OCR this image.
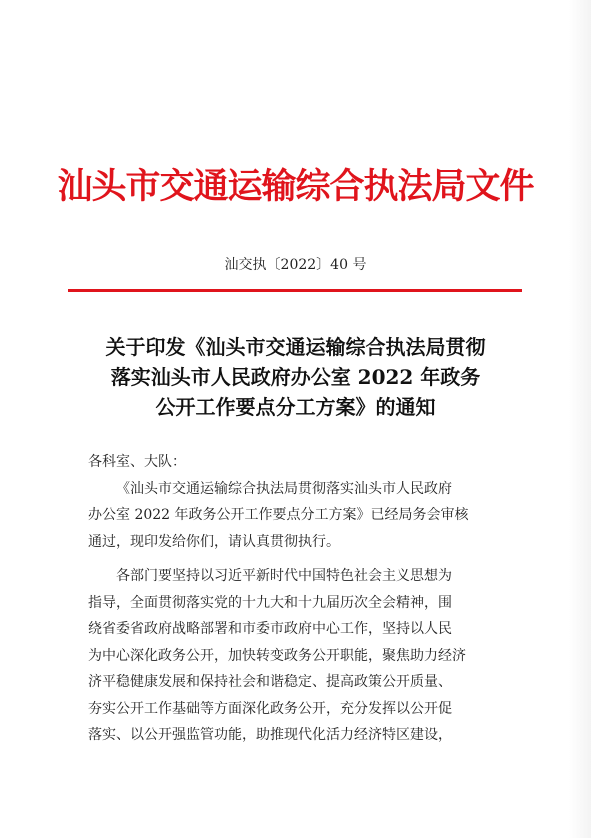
汕头市交通运输综合执法局文件
汕交执〔2022〕40 号
关于印发《汕头市交通运输综合执法局贯彻
落实汕头市人民政府办公室 2022 年政务
公开工作要点分工方案》的通知

各科室、大队：

《汕头市交通运输综合执法局贯彻落实汕头市人民政府

办公室 2022 年政务公开工作要点分工方案》已经局务会审核

通过，现印发给你们，请认真贯彻执行。

各部门要坚持以习近平新时代中国特色社会主义思想为

指导，全面贯彻落实党的十九大和十九届历次全会精神，围

绕省委省政府战略部署和市委市政府中心工作，坚持以人民

为中心深化政务公开，加快转变政务公开职能，聚焦助力经济

济平稳健康发展和保持社会和谐稳定、提高政策公开质量、

夯实公开工作基础等方面深化政务公开，充分发挥以公开促

落实、以公开强监管功能，助推现代化活力经济特区建设，
